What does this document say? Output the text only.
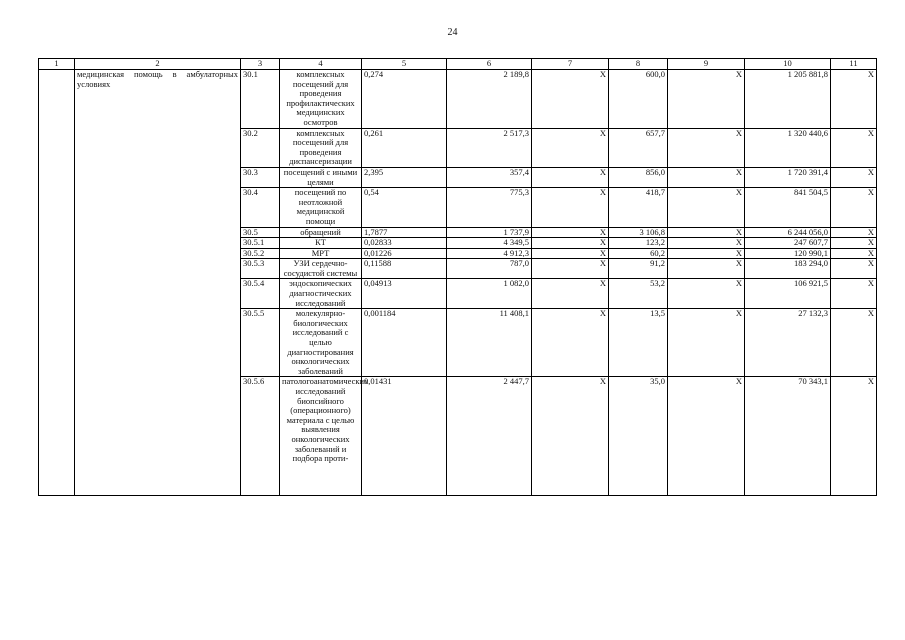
24
1	2	3	4	5	6	7	8	9	10	11
	медицинская помощь в амбулаторных условиях	30.1	комплексных посещений для проведения профилактических медицинских осмотров	0,274	2 189,8	Х	600,0	Х	1 205 881,8	Х
		30.2	комплексных посещений для проведения диспансеризации	0,261	2 517,3	Х	657,7	Х	1 320 440,6	Х
		30.3	посещений с иными целями	2,395	357,4	Х	856,0	Х	1 720 391,4	Х
		30.4	посещений по неотложной медицинской помощи	0,54	775,3	Х	418,7	Х	841 504,5	Х
		30.5	обращений	1,7877	1 737,9	Х	3 106,8	Х	6 244 056,0	Х
		30.5.1	КТ	0,02833	4 349,5	Х	123,2	Х	247 607,7	Х
		30.5.2	МРТ	0,01226	4 912,3	Х	60,2	Х	120 990,1	Х
		30.5.3	УЗИ сердечно-сосудистой системы	0,11588	787,0	Х	91,2	Х	183 294,0	Х
		30.5.4	эндоскопических диагностических исследований	0,04913	1 082,0	Х	53,2	Х	106 921,5	Х
		30.5.5	молекулярно-биологических исследований с целью диагностирования онкологических заболеваний	0,001184	11 408,1	Х	13,5	Х	27 132,3	Х
		30.5.6	патологоанатомических исследований биопсийного (операционного) материала с целью выявления онкологических заболеваний и подбора проти-	0,01431	2 447,7	Х	35,0	Х	70 343,1	Х
